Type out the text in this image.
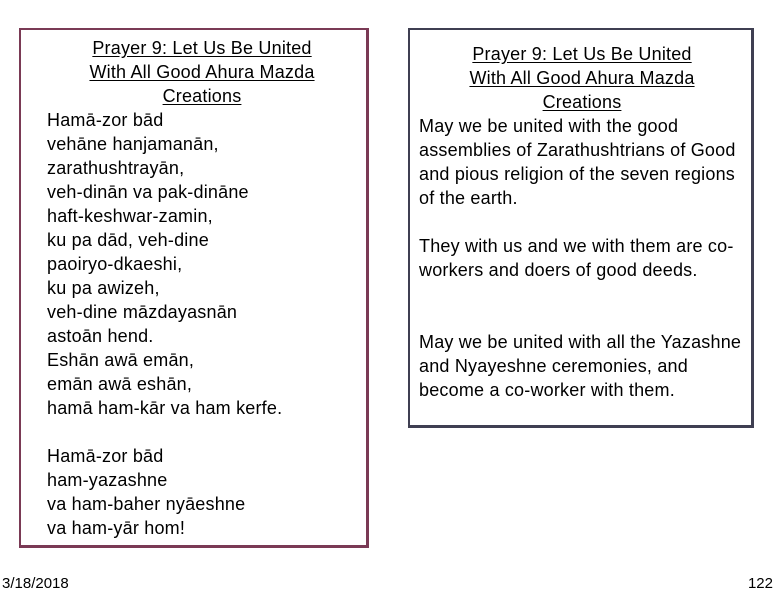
Prayer 9: Let Us Be United
With All Good Ahura Mazda
Creations
Hamā-zor bād
vehāne hanjamanān,
zarathushtrayān,
veh-dinān va pak-dināne
haft-keshwar-zamin,
ku pa dād, veh-dine
paoiryo-dkaeshi,
ku pa awizeh,
veh-dine māzdayasnān
astoān hend.
Eshān awā emān,
emān awā eshān,
hamā ham-kār va ham kerfe.
Hamā-zor bād
ham-yazashne
va ham-baher nyāeshne
va ham-yār hom!
Prayer 9: Let Us Be United
With All Good Ahura Mazda
Creations
May we be united with the good assemblies of Zarathushtrians of Good and pious religion of the seven regions of the earth.
They with us and we with them are co-workers and doers of good deeds.
May we be united with all the Yazashne and Nyayeshne ceremonies, and become a co-worker with them.
3/18/2018	122
